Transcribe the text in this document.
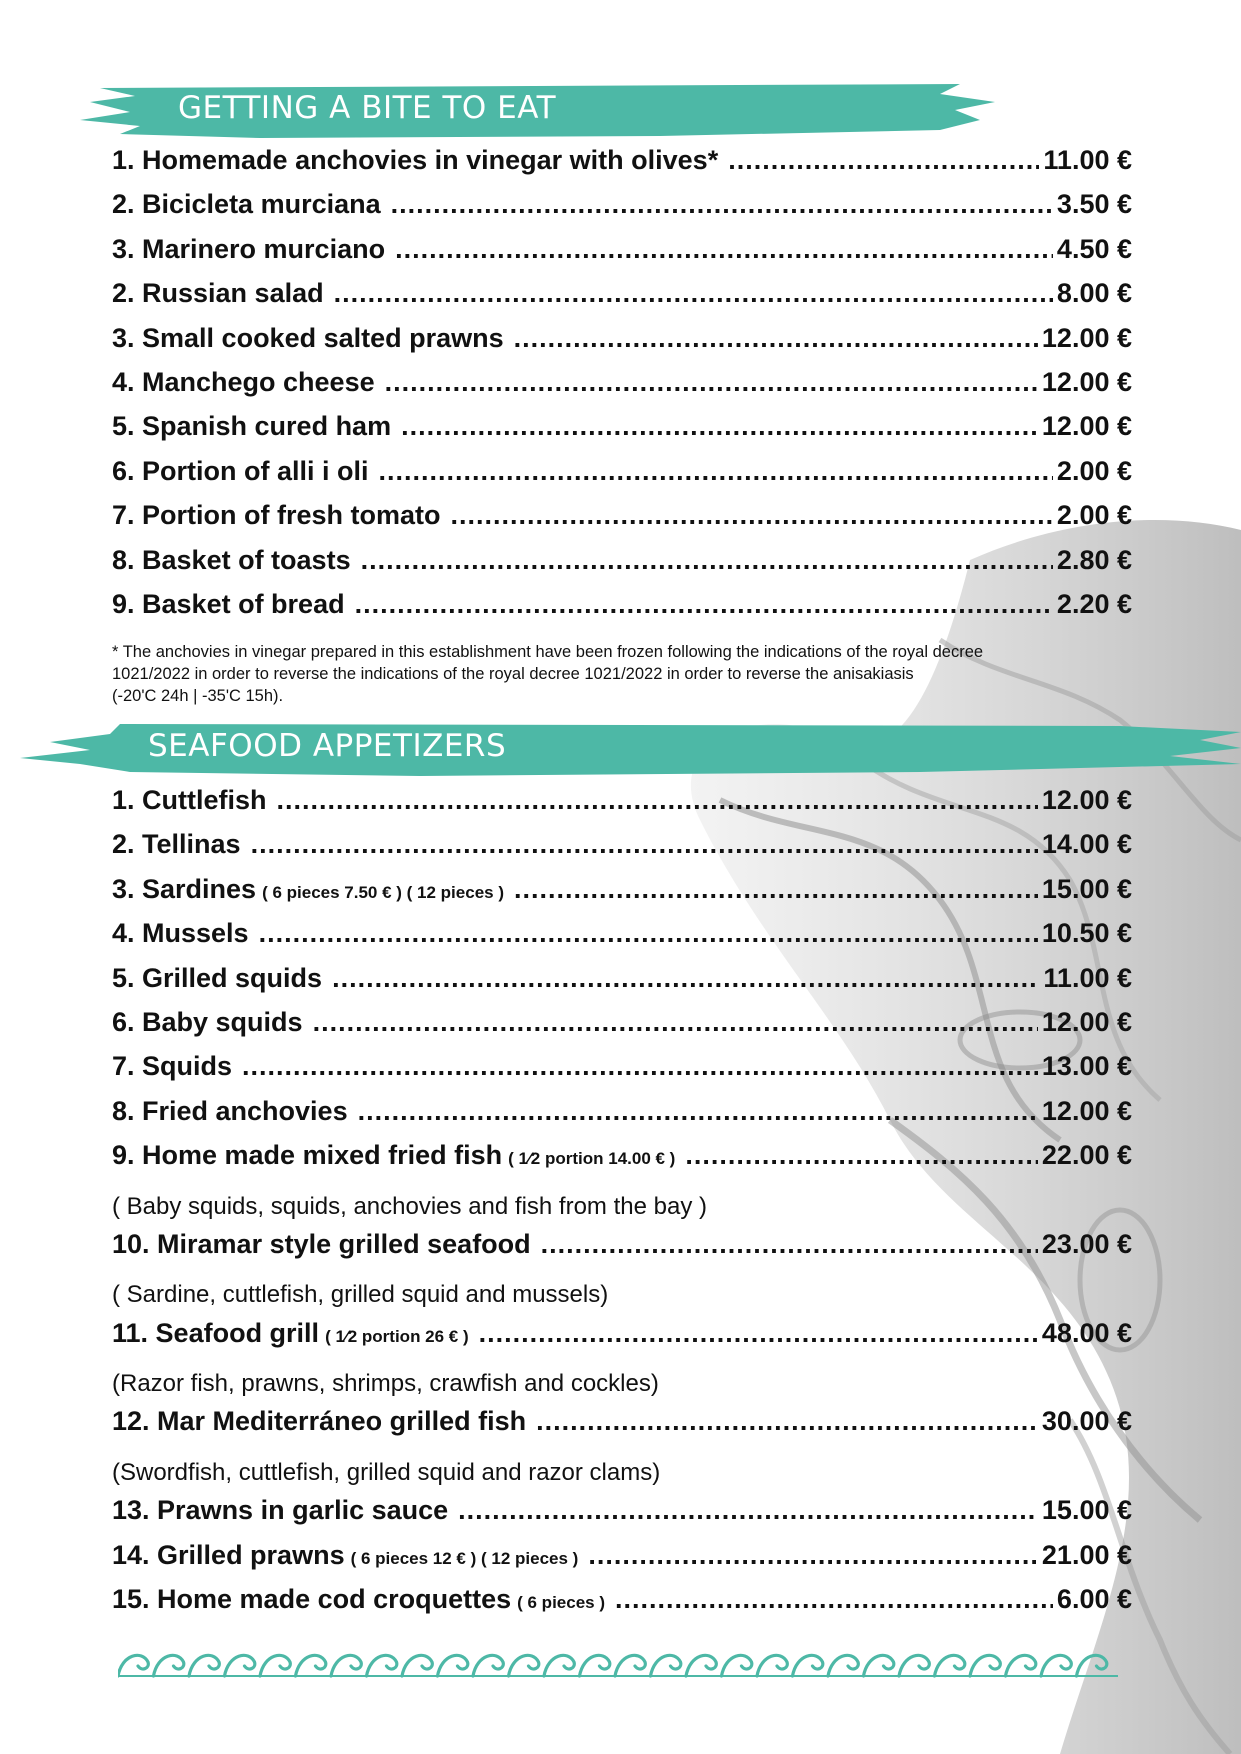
GETTING A BITE TO EAT
1. Homemade anchovies in vinegar with olives* .....	11.00 €
2. Bicicleta murciana .....	3.50 €
3. Marinero murciano .....	4.50 €
2. Russian salad .....	8.00 €
3. Small cooked salted prawns .....	12.00 €
4. Manchego cheese .....	12.00 €
5. Spanish cured ham .....	12.00 €
6. Portion of alli i oli .....	2.00 €
7. Portion of fresh tomato .....	2.00 €
8. Basket of toasts .....	2.80 €
9. Basket of bread .....	2.20 €
* The anchovies in vinegar prepared in this establishment have been frozen following the indications of the royal decree
1021/2022 in order to reverse the indications of the royal decree 1021/2022 in order to reverse the anisakiasis
(-20'C 24h | -35'C 15h).
SEAFOOD APPETIZERS
1. Cuttlefish .....	12.00 €
2. Tellinas .....	14.00 €
3. Sardines ( 6 pieces 7.50 € ) ( 12 pieces ) .....	15.00 €
4. Mussels .....	10.50 €
5. Grilled squids .....	11.00 €
6. Baby squids .....	12.00 €
7. Squids .....	13.00 €
8. Fried anchovies .....	12.00 €
9. Home made mixed fried fish ( 1⁄2 portion 14.00 € ) .....	22.00 €
( Baby squids, squids, anchovies and fish from the bay )
10. Miramar style grilled seafood .....	23.00 €
( Sardine, cuttlefish, grilled squid and mussels)
11. Seafood grill ( 1⁄2 portion 26 € ) .....	48.00 €
(Razor fish, prawns, shrimps, crawfish and cockles)
12. Mar Mediterráneo grilled fish .....	30.00 €
(Swordfish, cuttlefish, grilled squid and razor clams)
13. Prawns in garlic sauce .....	15.00 €
14. Grilled prawns ( 6 pieces 12 € ) ( 12 pieces ) .....	21.00 €
15. Home made cod croquettes ( 6 pieces ) .....	6.00 €
